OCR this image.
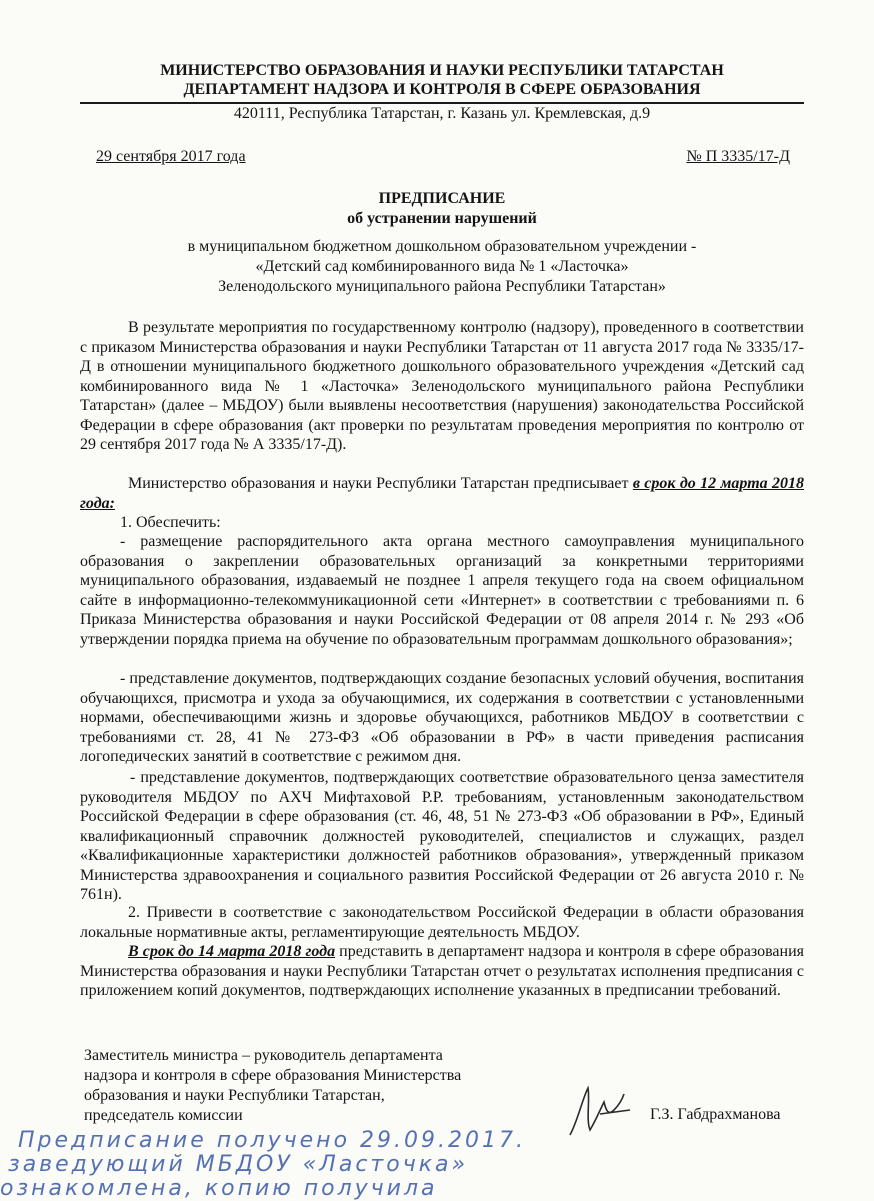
МИНИСТЕРСТВО ОБРАЗОВАНИЯ И НАУКИ РЕСПУБЛИКИ ТАТАРСТАН
ДЕПАРТАМЕНТ НАДЗОРА И КОНТРОЛЯ В СФЕРЕ ОБРАЗОВАНИЯ
420111, Республика Татарстан, г. Казань ул. Кремлевская, д.9
29 сентября 2017 года	№ П 3335/17-Д
ПРЕДПИСАНИЕ
об устранении нарушений
в муниципальном бюджетном дошкольном образовательном учреждении -
«Детский сад комбинированного вида № 1 «Ласточка»
Зеленодольского муниципального района Республики Татарстан»
В результате мероприятия по государственному контролю (надзору), проведенного в соответствии с приказом Министерства образования и науки Республики Татарстан от 11 августа 2017 года № 3335/17-Д в отношении муниципального бюджетного дошкольного образовательного учреждения «Детский сад комбинированного вида № 1 «Ласточка» Зеленодольского муниципального района Республики Татарстан» (далее – МБДОУ) были выявлены несоответствия (нарушения) законодательства Российской Федерации в сфере образования (акт проверки по результатам проведения мероприятия по контролю от 29 сентября 2017 года № А 3335/17-Д).
Министерство образования и науки Республики Татарстан предписывает в срок до 12 марта 2018 года:
1. Обеспечить:
- размещение распорядительного акта органа местного самоуправления муниципального образования о закреплении образовательных организаций за конкретными территориями муниципального образования, издаваемый не позднее 1 апреля текущего года на своем официальном сайте в информационно-телекоммуникационной сети «Интернет» в соответствии с требованиями п. 6 Приказа Министерства образования и науки Российской Федерации от 08 апреля 2014 г. № 293 «Об утверждении порядка приема на обучение по образовательным программам дошкольного образования»;
- представление документов, подтверждающих создание безопасных условий обучения, воспитания обучающихся, присмотра и ухода за обучающимися, их содержания в соответствии с установленными нормами, обеспечивающими жизнь и здоровье обучающихся, работников МБДОУ в соответствии с требованиями ст. 28, 41 № 273-ФЗ «Об образовании в РФ» в части приведения расписания логопедических занятий в соответствие с режимом дня.
- представление документов, подтверждающих соответствие образовательного ценза заместителя руководителя МБДОУ по АХЧ Мифтаховой Р.Р. требованиям, установленным законодательством Российской Федерации в сфере образования (ст. 46, 48, 51 № 273-ФЗ «Об образовании в РФ», Единый квалификационный справочник должностей руководителей, специалистов и служащих, раздел «Квалификационные характеристики должностей работников образования», утвержденный приказом Министерства здравоохранения и социального развития Российской Федерации от 26 августа 2010 г. № 761н).
2. Привести в соответствие с законодательством Российской Федерации в области образования локальные нормативные акты, регламентирующие деятельность МБДОУ.
В срок до 14 марта 2018 года представить в департамент надзора и контроля в сфере образования Министерства образования и науки Республики Татарстан отчет о результатах исполнения предписания с приложением копий документов, подтверждающих исполнение указанных в предписании требований.
Заместитель министра – руководитель департамента
надзора и контроля в сфере образования Министерства
образования и науки Республики Татарстан,
председатель комиссии	Г.З. Габдрахманова
Предписание получено 29.09.2017.
заведующий МБДОУ «Ласточка»
ознакомлена, копию получила
